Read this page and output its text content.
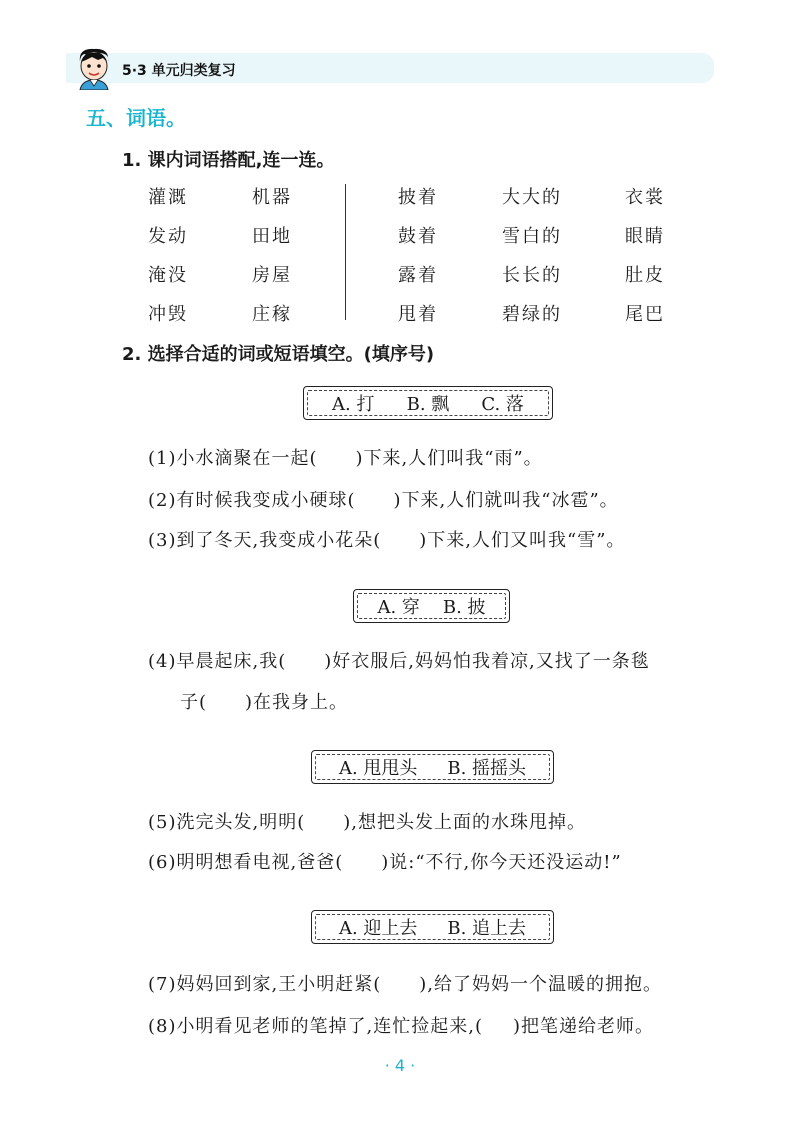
5·3 单元归类复习
五、词语。
1. 课内词语搭配,连一连。
灌溉
发动
淹没
冲毁
机器
田地
房屋
庄稼
披着
鼓着
露着
甩着
大大的
雪白的
长长的
碧绿的
衣裳
眼睛
肚皮
尾巴
2. 选择合适的词或短语填空。(填序号)
A. 打 B. 飘 C. 落
(1)小水滴聚在一起( )下来,人们叫我“雨”。
(2)有时候我变成小硬球( )下来,人们就叫我“冰雹”。
(3)到了冬天,我变成小花朵( )下来,人们又叫我“雪”。
A. 穿 B. 披
(4)早晨起床,我( )好衣服后,妈妈怕我着凉,又找了一条毯
子( )在我身上。
A. 甩甩头 B. 摇摇头
(5)洗完头发,明明( ),想把头发上面的水珠甩掉。
(6)明明想看电视,爸爸( )说:“不行,你今天还没运动!”
A. 迎上去 B. 追上去
(7)妈妈回到家,王小明赶紧( ),给了妈妈一个温暖的拥抱。
(8)小明看见老师的笔掉了,连忙捡起来,( )把笔递给老师。
· 4 ·
